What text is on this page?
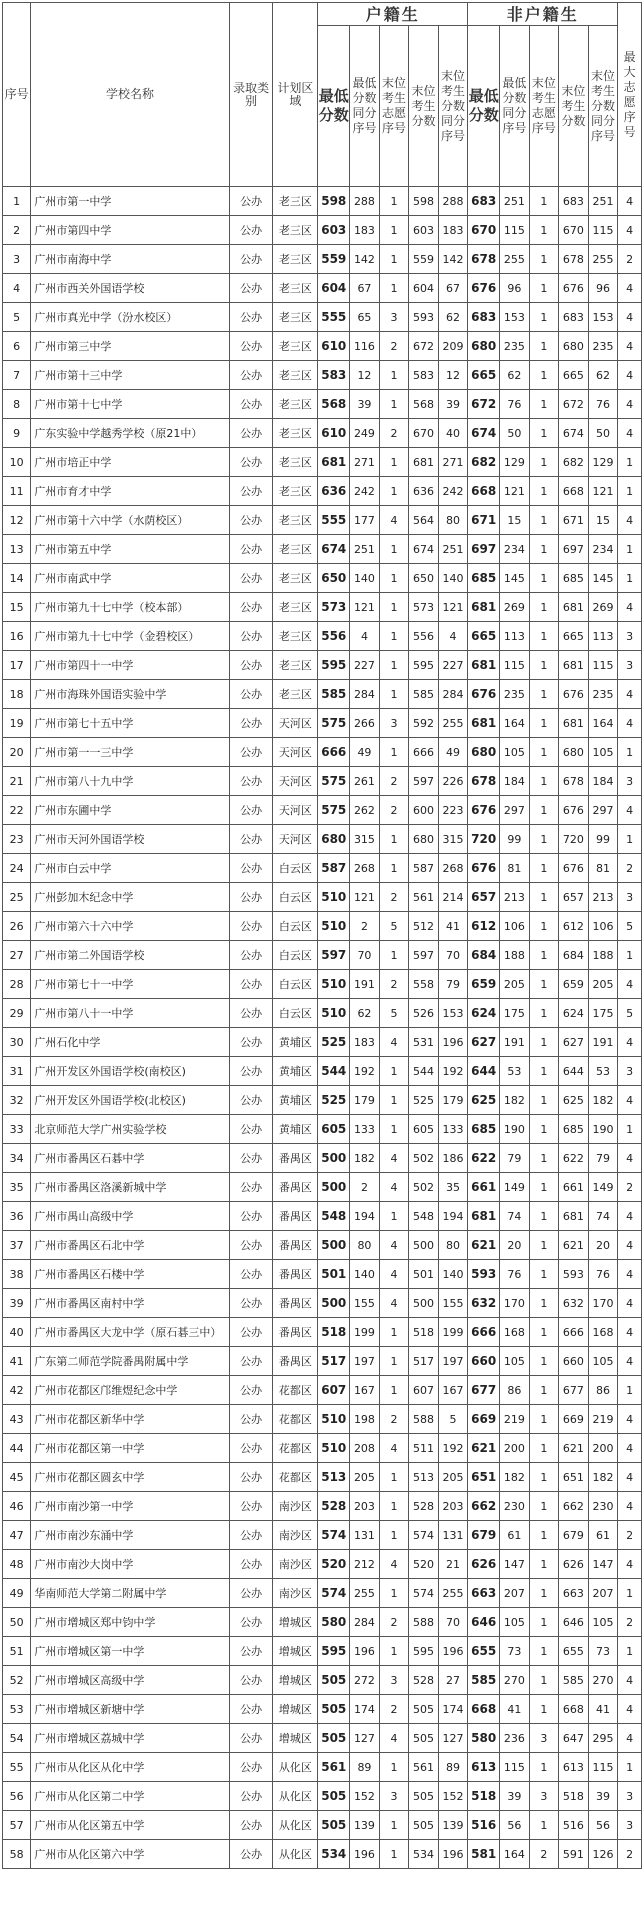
序号	学校名称	录取类别	计划区域	户籍生					非户籍生					最大志愿序号
				最低分数	最低分数同分序号	末位考生志愿序号	末位考生分数	末位考生分数同分序号	最低分数	最低分数同分序号	末位考生志愿序号	末位考生分数	末位考生分数同分序号	
1	广州市第一中学	公办	老三区	598	288	1	598	288	683	251	1	683	251	4
2	广州市第四中学	公办	老三区	603	183	1	603	183	670	115	1	670	115	4
3	广州市南海中学	公办	老三区	559	142	1	559	142	678	255	1	678	255	2
4	广州市西关外国语学校	公办	老三区	604	67	1	604	67	676	96	1	676	96	4
5	广州市真光中学（汾水校区）	公办	老三区	555	65	3	593	62	683	153	1	683	153	4
6	广州市第三中学	公办	老三区	610	116	2	672	209	680	235	1	680	235	4
7	广州市第十三中学	公办	老三区	583	12	1	583	12	665	62	1	665	62	4
8	广州市第十七中学	公办	老三区	568	39	1	568	39	672	76	1	672	76	4
9	广东实验中学越秀学校（原21中）	公办	老三区	610	249	2	670	40	674	50	1	674	50	4
10	广州市培正中学	公办	老三区	681	271	1	681	271	682	129	1	682	129	1
11	广州市育才中学	公办	老三区	636	242	1	636	242	668	121	1	668	121	1
12	广州市第十六中学（水荫校区）	公办	老三区	555	177	4	564	80	671	15	1	671	15	4
13	广州市第五中学	公办	老三区	674	251	1	674	251	697	234	1	697	234	1
14	广州市南武中学	公办	老三区	650	140	1	650	140	685	145	1	685	145	1
15	广州市第九十七中学（校本部）	公办	老三区	573	121	1	573	121	681	269	1	681	269	4
16	广州市第九十七中学（金碧校区）	公办	老三区	556	4	1	556	4	665	113	1	665	113	3
17	广州市第四十一中学	公办	老三区	595	227	1	595	227	681	115	1	681	115	3
18	广州市海珠外国语实验中学	公办	老三区	585	284	1	585	284	676	235	1	676	235	4
19	广州市第七十五中学	公办	天河区	575	266	3	592	255	681	164	1	681	164	4
20	广州市第一一三中学	公办	天河区	666	49	1	666	49	680	105	1	680	105	1
21	广州市第八十九中学	公办	天河区	575	261	2	597	226	678	184	1	678	184	3
22	广州市东圃中学	公办	天河区	575	262	2	600	223	676	297	1	676	297	4
23	广州市天河外国语学校	公办	天河区	680	315	1	680	315	720	99	1	720	99	1
24	广州市白云中学	公办	白云区	587	268	1	587	268	676	81	1	676	81	2
25	广州彭加木纪念中学	公办	白云区	510	121	2	561	214	657	213	1	657	213	3
26	广州市第六十六中学	公办	白云区	510	2	5	512	41	612	106	1	612	106	5
27	广州市第二外国语学校	公办	白云区	597	70	1	597	70	684	188	1	684	188	1
28	广州市第七十一中学	公办	白云区	510	191	2	558	79	659	205	1	659	205	4
29	广州市第八十一中学	公办	白云区	510	62	5	526	153	624	175	1	624	175	5
30	广州石化中学	公办	黄埔区	525	183	4	531	196	627	191	1	627	191	4
31	广州开发区外国语学校(南校区)	公办	黄埔区	544	192	1	544	192	644	53	1	644	53	3
32	广州开发区外国语学校(北校区)	公办	黄埔区	525	179	1	525	179	625	182	1	625	182	4
33	北京师范大学广州实验学校	公办	黄埔区	605	133	1	605	133	685	190	1	685	190	1
34	广州市番禺区石碁中学	公办	番禺区	500	182	4	502	186	622	79	1	622	79	4
35	广州市番禺区洛溪新城中学	公办	番禺区	500	2	4	502	35	661	149	1	661	149	2
36	广州市禺山高级中学	公办	番禺区	548	194	1	548	194	681	74	1	681	74	4
37	广州市番禺区石北中学	公办	番禺区	500	80	4	500	80	621	20	1	621	20	4
38	广州市番禺区石楼中学	公办	番禺区	501	140	4	501	140	593	76	1	593	76	4
39	广州市番禺区南村中学	公办	番禺区	500	155	4	500	155	632	170	1	632	170	4
40	广州市番禺区大龙中学（原石碁三中）	公办	番禺区	518	199	1	518	199	666	168	1	666	168	4
41	广东第二师范学院番禺附属中学	公办	番禺区	517	197	1	517	197	660	105	1	660	105	4
42	广州市花都区邝维煜纪念中学	公办	花都区	607	167	1	607	167	677	86	1	677	86	1
43	广州市花都区新华中学	公办	花都区	510	198	2	588	5	669	219	1	669	219	4
44	广州市花都区第一中学	公办	花都区	510	208	4	511	192	621	200	1	621	200	4
45	广州市花都区圆玄中学	公办	花都区	513	205	1	513	205	651	182	1	651	182	4
46	广州市南沙第一中学	公办	南沙区	528	203	1	528	203	662	230	1	662	230	4
47	广州市南沙东涌中学	公办	南沙区	574	131	1	574	131	679	61	1	679	61	2
48	广州市南沙大岗中学	公办	南沙区	520	212	4	520	21	626	147	1	626	147	4
49	华南师范大学第二附属中学	公办	南沙区	574	255	1	574	255	663	207	1	663	207	1
50	广州市增城区郑中钧中学	公办	增城区	580	284	2	588	70	646	105	1	646	105	2
51	广州市增城区第一中学	公办	增城区	595	196	1	595	196	655	73	1	655	73	1
52	广州市增城区高级中学	公办	增城区	505	272	3	528	27	585	270	1	585	270	4
53	广州市增城区新塘中学	公办	增城区	505	174	2	505	174	668	41	1	668	41	4
54	广州市增城区荔城中学	公办	增城区	505	127	4	505	127	580	236	3	647	295	4
55	广州市从化区从化中学	公办	从化区	561	89	1	561	89	613	115	1	613	115	1
56	广州市从化区第二中学	公办	从化区	505	152	3	505	152	518	39	3	518	39	3
57	广州市从化区第五中学	公办	从化区	505	139	1	505	139	516	56	1	516	56	3
58	广州市从化区第六中学	公办	从化区	534	196	1	534	196	581	164	2	591	126	2
